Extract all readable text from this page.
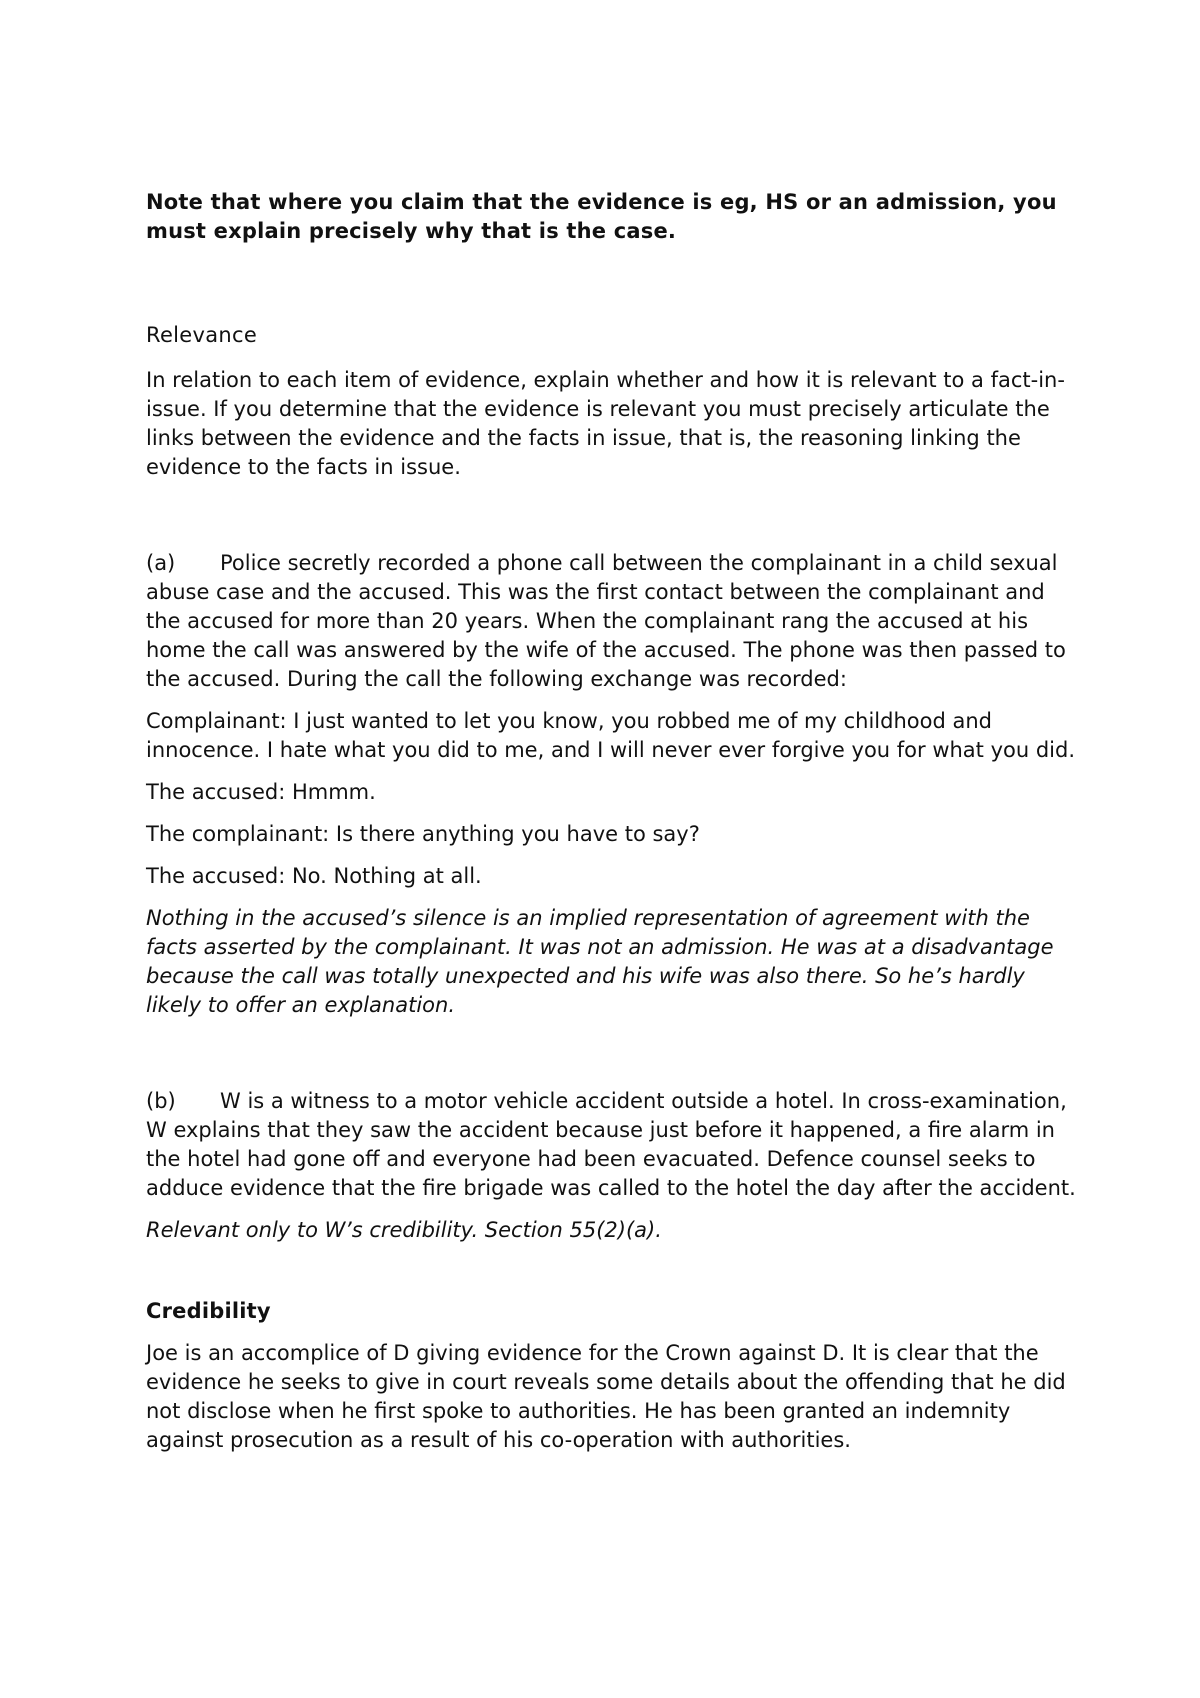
Note that where you claim that the evidence is eg, HS or an admission, you must explain precisely why that is the case.

Relevance

In relation to each item of evidence, explain whether and how it is relevant to a fact-in-issue. If you determine that the evidence is relevant you must precisely articulate the links between the evidence and the facts in issue, that is, the reasoning linking the evidence to the facts in issue.

(a) Police secretly recorded a phone call between the complainant in a child sexual abuse case and the accused. This was the first contact between the complainant and the accused for more than 20 years. When the complainant rang the accused at his home the call was answered by the wife of the accused. The phone was then passed to the accused. During the call the following exchange was recorded:

Complainant: I just wanted to let you know, you robbed me of my childhood and innocence. I hate what you did to me, and I will never ever forgive you for what you did.

The accused: Hmmm.

The complainant: Is there anything you have to say?

The accused: No. Nothing at all.

Nothing in the accused’s silence is an implied representation of agreement with the facts asserted by the complainant. It was not an admission. He was at a disadvantage because the call was totally unexpected and his wife was also there. So he’s hardly likely to offer an explanation.

(b) W is a witness to a motor vehicle accident outside a hotel. In cross-examination, W explains that they saw the accident because just before it happened, a fire alarm in the hotel had gone off and everyone had been evacuated. Defence counsel seeks to adduce evidence that the fire brigade was called to the hotel the day after the accident.

Relevant only to W’s credibility. Section 55(2)(a).

Credibility

Joe is an accomplice of D giving evidence for the Crown against D. It is clear that the evidence he seeks to give in court reveals some details about the offending that he did not disclose when he first spoke to authorities. He has been granted an indemnity against prosecution as a result of his co-operation with authorities.
